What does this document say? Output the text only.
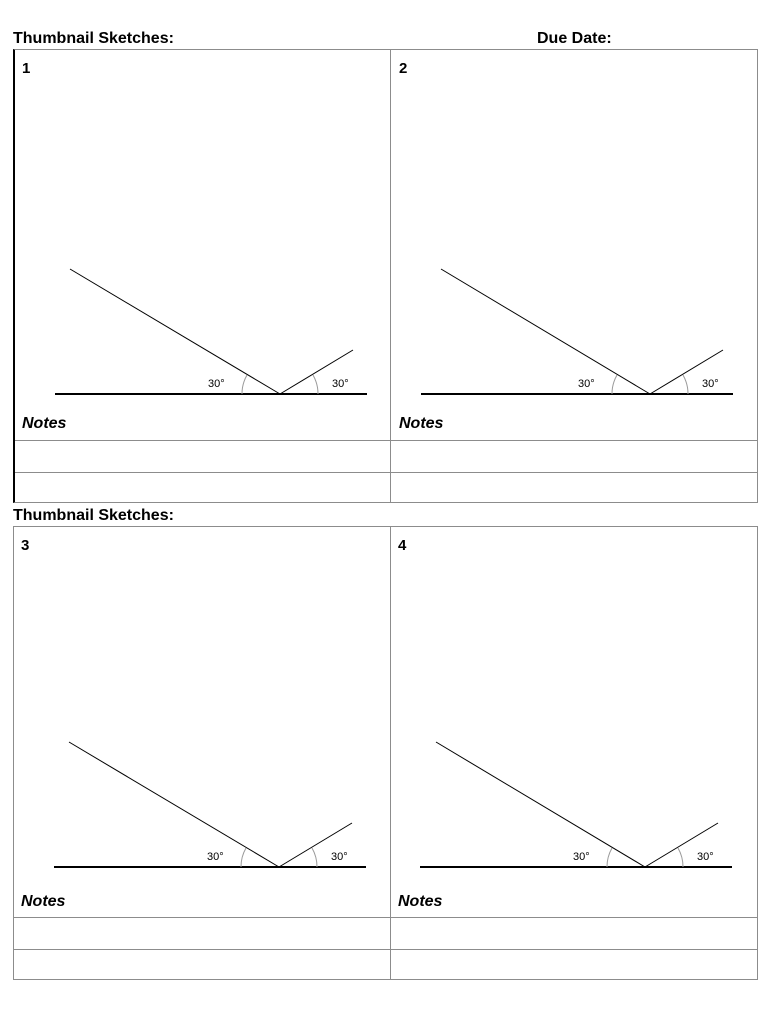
Thumbnail Sketches:	Due Date:
1
30°	30°
Notes
2
30°	30°
Notes
Thumbnail Sketches:
3
30°	30°
Notes
4
30°	30°
Notes
